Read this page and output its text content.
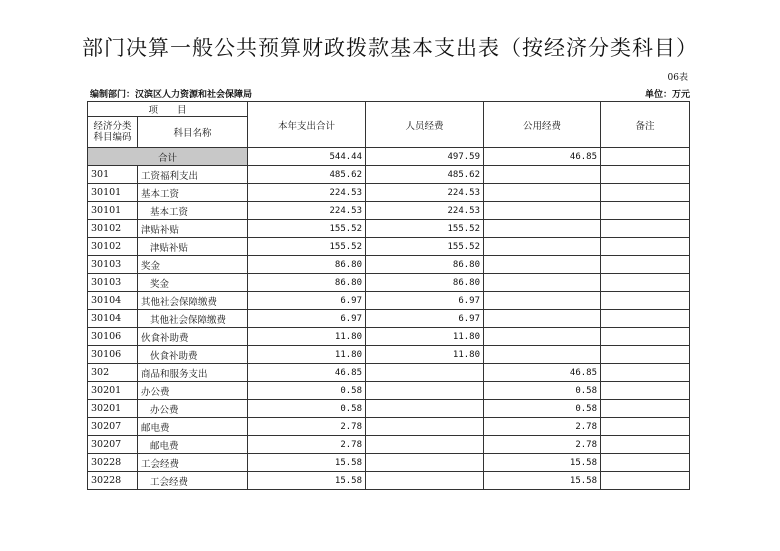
部门决算一般公共预算财政拨款基本支出表（按经济分类科目）
06表
编制部门：汉滨区人力资源和社会保障局	单位：万元
项　　目		本年支出合计	人员经费	公用经费	备注
经济分类科目编码	科目名称				
合计		544.44	497.59	46.85	
301	工资福利支出	485.62	485.62		
30101	基本工资	224.53	224.53		
30101	基本工资	224.53	224.53		
30102	津贴补贴	155.52	155.52		
30102	津贴补贴	155.52	155.52		
30103	奖金	86.80	86.80		
30103	奖金	86.80	86.80		
30104	其他社会保障缴费	6.97	6.97		
30104	其他社会保障缴费	6.97	6.97		
30106	伙食补助费	11.80	11.80		
30106	伙食补助费	11.80	11.80		
302	商品和服务支出	46.85		46.85	
30201	办公费	0.58		0.58	
30201	办公费	0.58		0.58	
30207	邮电费	2.78		2.78	
30207	邮电费	2.78		2.78	
30228	工会经费	15.58		15.58	
30228	工会经费	15.58		15.58	
